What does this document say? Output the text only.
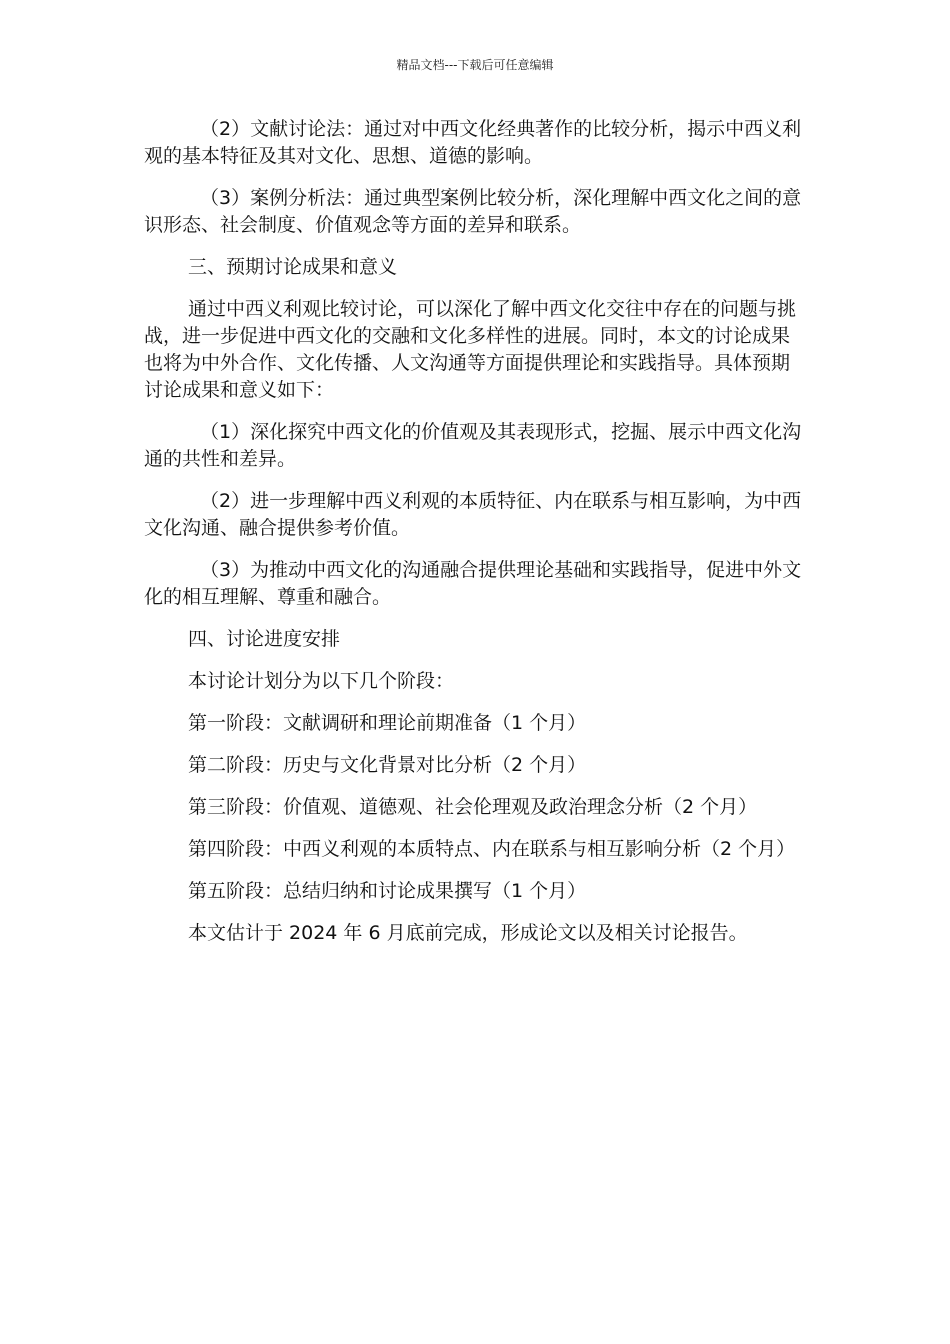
精品文档---下载后可任意编辑

（2）文献讨论法：通过对中西文化经典著作的比较分析，揭示中西义利观的基本特征及其对文化、思想、道德的影响。

（3）案例分析法：通过典型案例比较分析，深化理解中西文化之间的意识形态、社会制度、价值观念等方面的差异和联系。

三、预期讨论成果和意义

通过中西义利观比较讨论，可以深化了解中西文化交往中存在的问题与挑战，进一步促进中西文化的交融和文化多样性的进展。同时，本文的讨论成果也将为中外合作、文化传播、人文沟通等方面提供理论和实践指导。具体预期讨论成果和意义如下：

（1）深化探究中西文化的价值观及其表现形式，挖掘、展示中西文化沟通的共性和差异。

（2）进一步理解中西义利观的本质特征、内在联系与相互影响，为中西文化沟通、融合提供参考价值。

（3）为推动中西文化的沟通融合提供理论基础和实践指导，促进中外文化的相互理解、尊重和融合。

四、讨论进度安排

本讨论计划分为以下几个阶段：

第一阶段：文献调研和理论前期准备（1 个月）

第二阶段：历史与文化背景对比分析（2 个月）

第三阶段：价值观、道德观、社会伦理观及政治理念分析（2 个月）

第四阶段：中西义利观的本质特点、内在联系与相互影响分析（2 个月）

第五阶段：总结归纳和讨论成果撰写（1 个月）

本文估计于 2024 年 6 月底前完成，形成论文以及相关讨论报告。
